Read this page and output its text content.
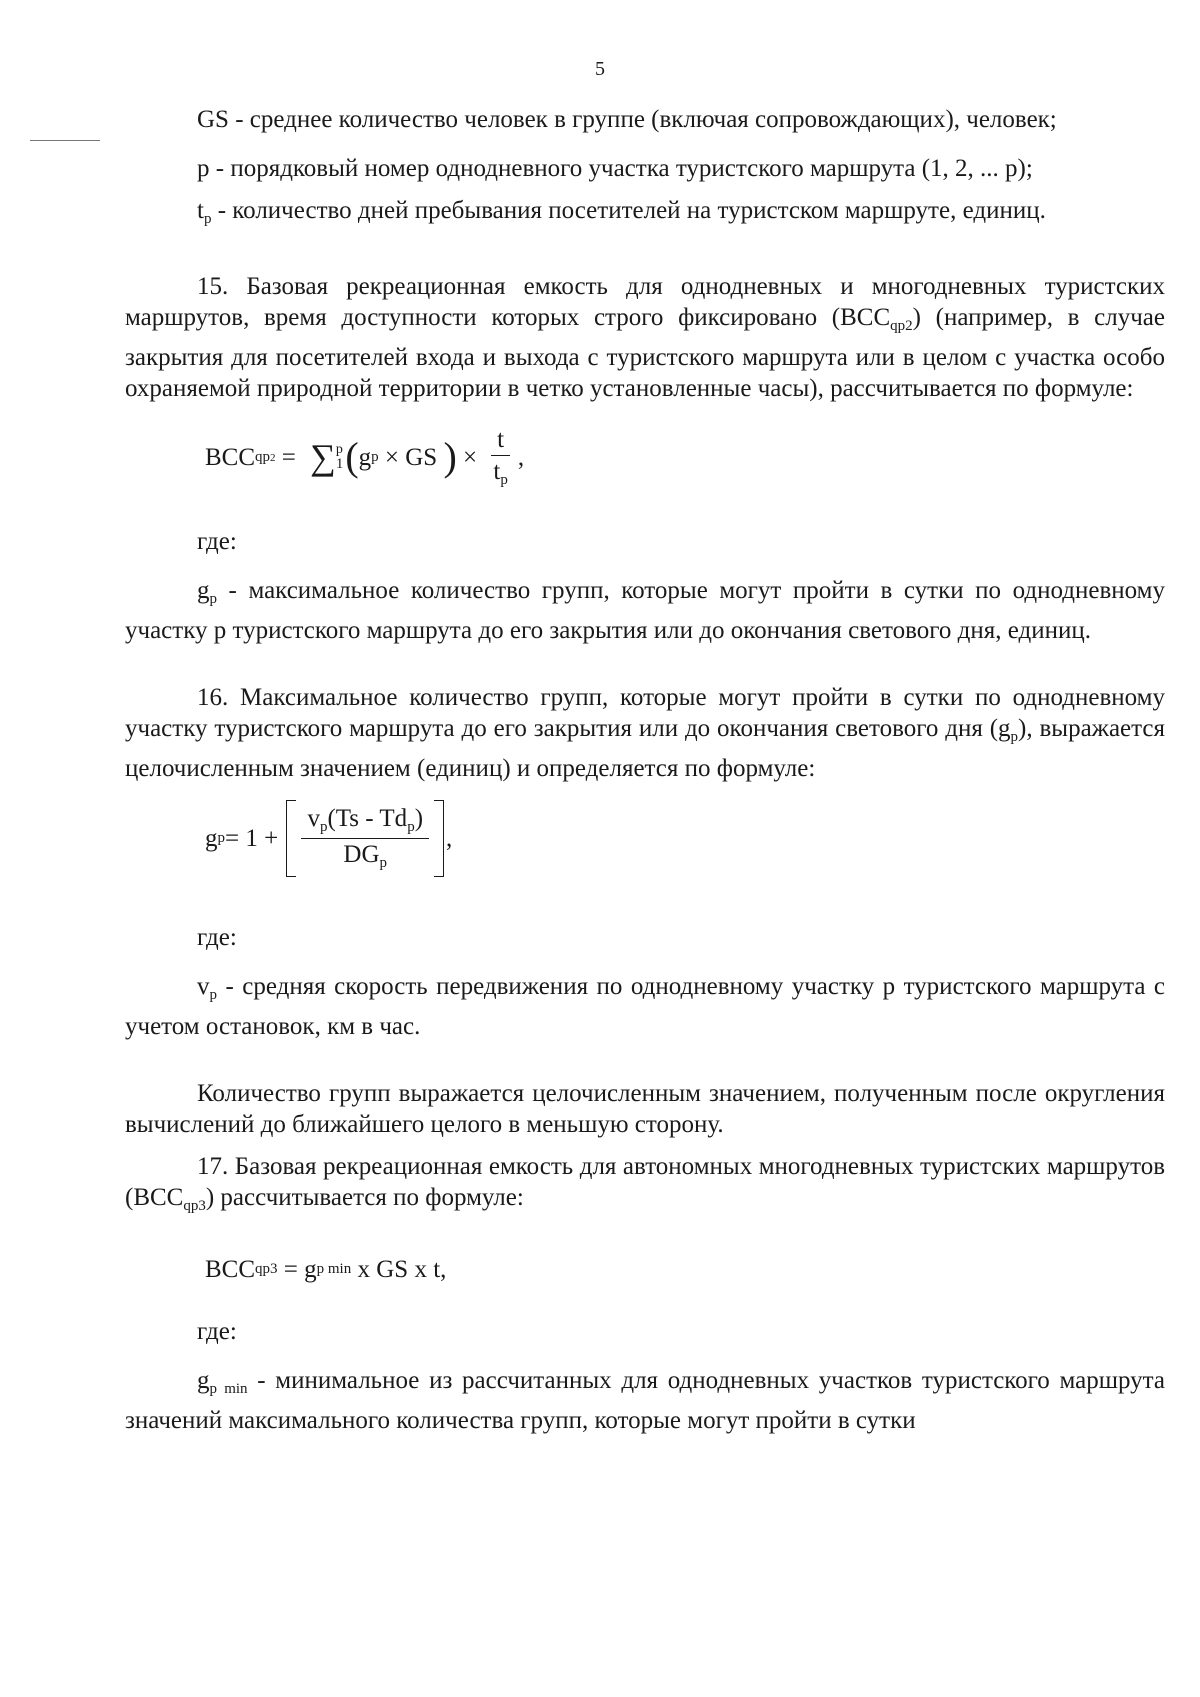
5

GS - среднее количество человек в группе (включая сопровождающих), человек;

p - порядковый номер однодневного участка туристского маршрута (1, 2, ... p);

$t_p$ - количество дней пребывания посетителей на туристском маршруте, единиц.

15. Базовая рекреационная емкость для однодневных и многодневных туристских маршрутов, время доступности которых строго фиксировано $(BCC_{qp2})$ (например, в случае закрытия для посетителей входа и выхода с туристского маршрута или в целом с участка особо охраняемой природной территории в четко установленные часы), рассчитывается по формуле:

BCC qp2 = ∑ p
1 ( g p × GS ) × $\frac{t}{t_p}$ ,

где:

$g_p$ - максимальное количество групп, которые могут пройти в сутки по однодневному участку p туристского маршрута до его закрытия или до окончания светового дня, единиц.

16. Максимальное количество групп, которые могут пройти в сутки по однодневному участку туристского маршрута до его закрытия или до окончания светового дня $(g_p)$, выражается целочисленным значением (единиц) и определяется по формуле:

g $p = 1 + \frac{v_p(Ts - Td_p)}{DG_p}$ ,

где:

$v_p$ - средняя скорость передвижения по однодневному участку p туристского маршрута с учетом остановок, км в час.

Количество групп выражается целочисленным значением, полученным после округления вычислений до ближайшего целого в меньшую сторону.

17. Базовая рекреационная емкость для автономных многодневных туристских маршрутов $(BCC_{qp3})$ рассчитывается по формуле:

BCC qp3 = g p min x GS x t,

где:

$g_{p min}$ - минимальное из рассчитанных для однодневных участков туристского маршрута значений максимального количества групп, которые могут пройти в сутки
